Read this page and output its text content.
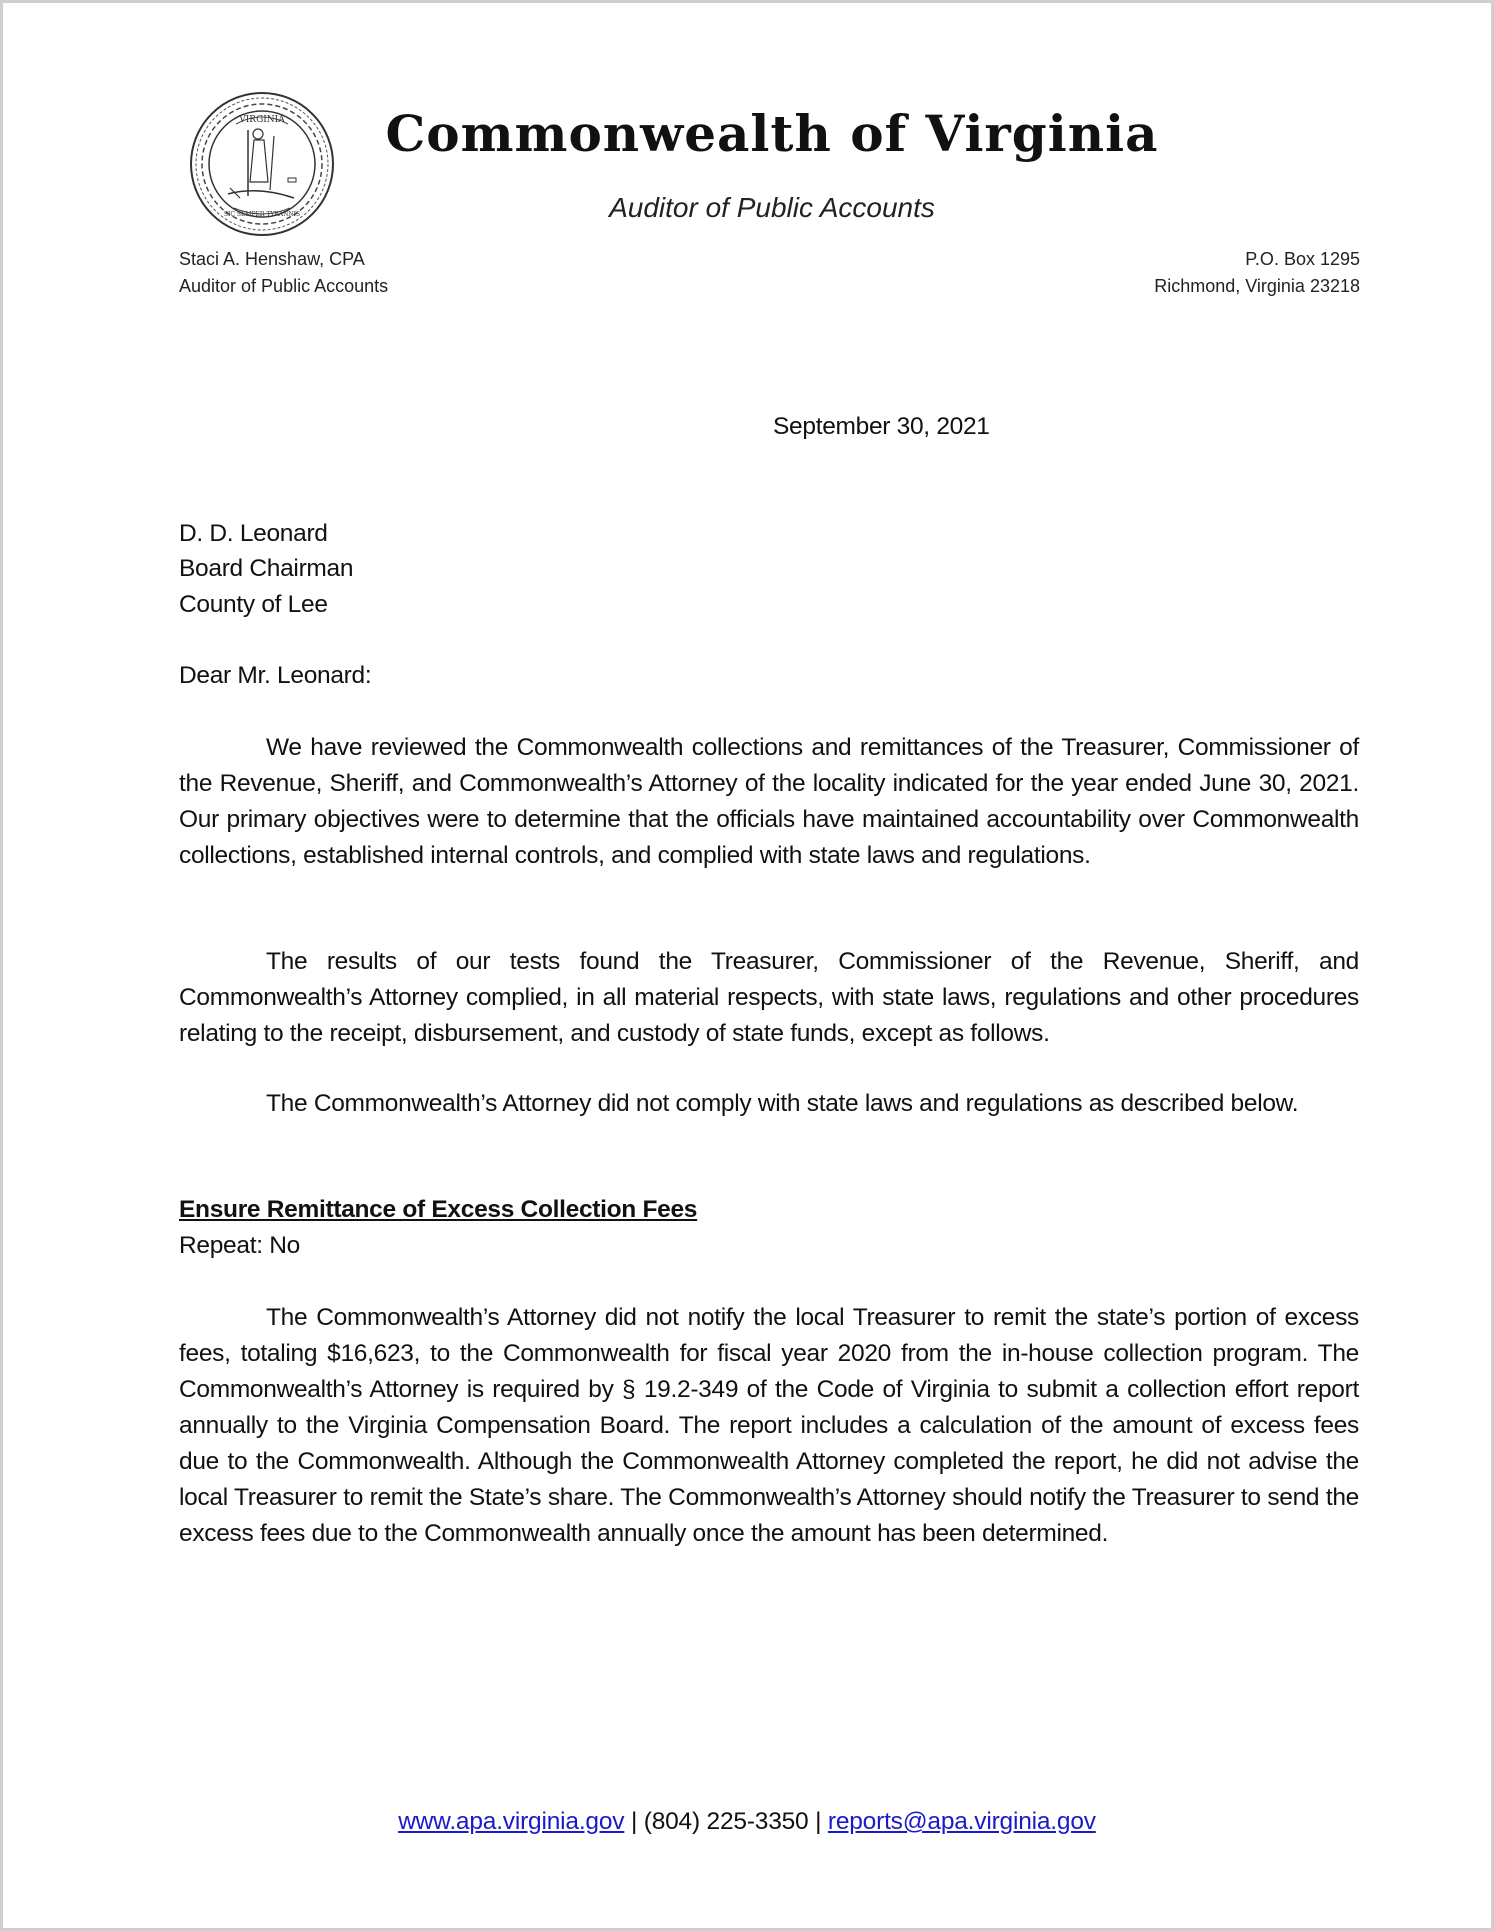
VIRGINIA
SIC SEMPER TYRANNIS
Commonwealth of Virginia
Auditor of Public Accounts
Staci A. Henshaw, CPA
Auditor of Public Accounts
P.O. Box 1295
Richmond, Virginia 23218
September 30, 2021
D. D. Leonard
Board Chairman
County of Lee
Dear Mr. Leonard:
We have reviewed the Commonwealth collections and remittances of the Treasurer, Commissioner of the Revenue, Sheriff, and Commonwealth’s Attorney of the locality indicated for the year ended June 30, 2021. Our primary objectives were to determine that the officials have maintained accountability over Commonwealth collections, established internal controls, and complied with state laws and regulations.
The results of our tests found the Treasurer, Commissioner of the Revenue, Sheriff, and Commonwealth’s Attorney complied, in all material respects, with state laws, regulations and other procedures relating to the receipt, disbursement, and custody of state funds, except as follows.
The Commonwealth’s Attorney did not comply with state laws and regulations as described below.
Ensure Remittance of Excess Collection Fees
Repeat: No
The Commonwealth’s Attorney did not notify the local Treasurer to remit the state’s portion of excess fees, totaling $16,623, to the Commonwealth for fiscal year 2020 from the in-house collection program. The Commonwealth’s Attorney is required by § 19.2-349 of the Code of Virginia to submit a collection effort report annually to the Virginia Compensation Board. The report includes a calculation of the amount of excess fees due to the Commonwealth. Although the Commonwealth Attorney completed the report, he did not advise the local Treasurer to remit the State’s share. The Commonwealth’s Attorney should notify the Treasurer to send the excess fees due to the Commonwealth annually once the amount has been determined.
www.apa.virginia.gov | (804) 225-3350 | reports@apa.virginia.gov
